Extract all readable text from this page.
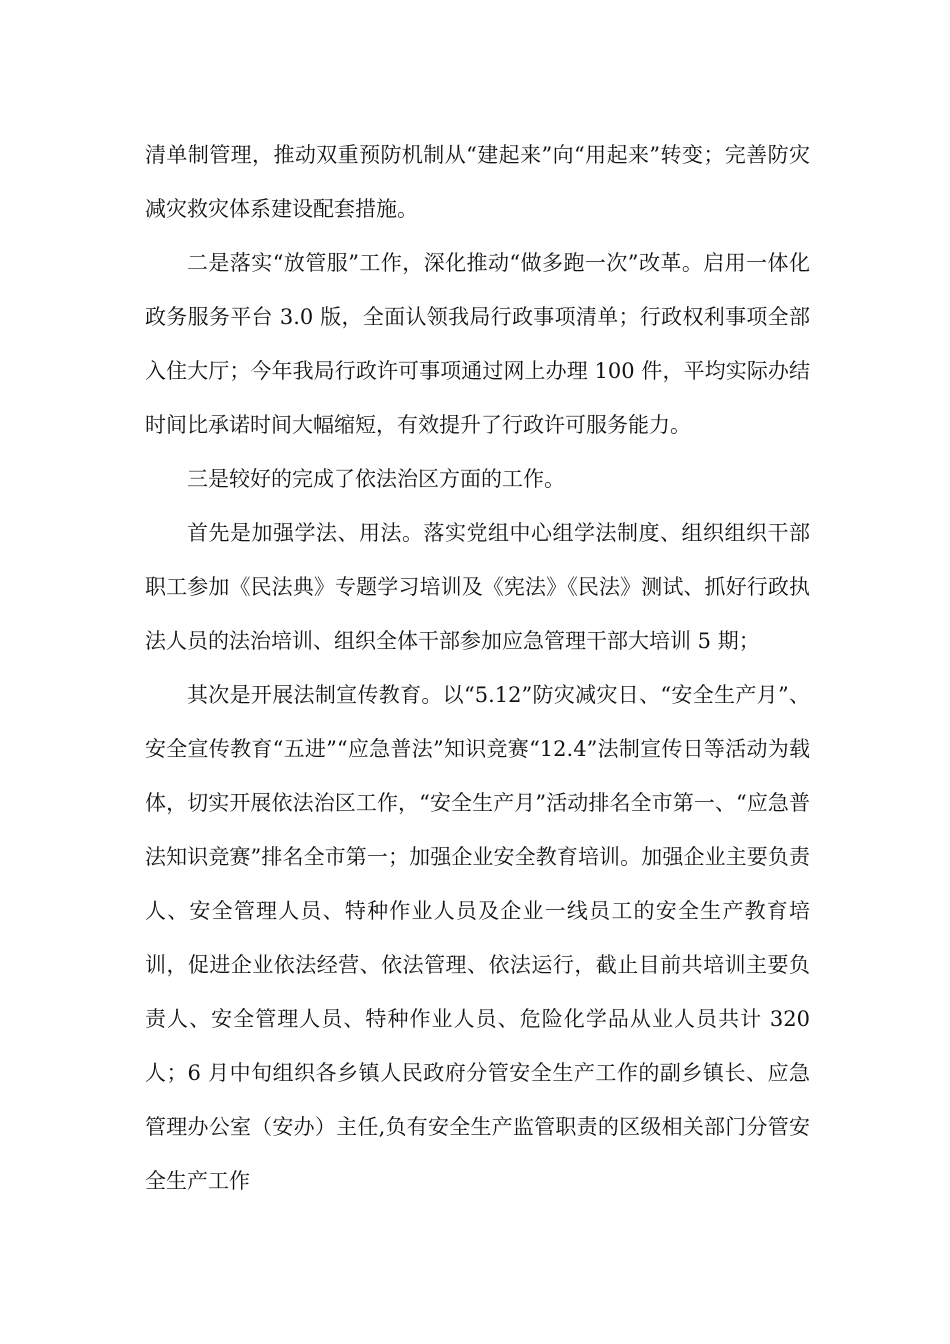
清单制管理，推动双重预防机制从“建起来”向“用起来”转变；完善防灾减灾救灾体系建设配套措施。

二是落实“放管服”工作，深化推动“做多跑一次”改革。启用一体化政务服务平台 3.0 版，全面认领我局行政事项清单；行政权利事项全部入住大厅；今年我局行政许可事项通过网上办理 100 件，平均实际办结时间比承诺时间大幅缩短，有效提升了行政许可服务能力。

三是较好的完成了依法治区方面的工作。

首先是加强学法、用法。落实党组中心组学法制度、组织组织干部职工参加《民法典》专题学习培训及《宪法》《民法》测试、抓好行政执法人员的法治培训、组织全体干部参加应急管理干部大培训 5 期；

其次是开展法制宣传教育。以“5.12”防灾减灾日、“安全生产月”、安全宣传教育“五进”“应急普法”知识竞赛“12.4”法制宣传日等活动为载体，切实开展依法治区工作，“安全生产月”活动排名全市第一、“应急普法知识竞赛”排名全市第一；加强企业安全教育培训。加强企业主要负责人、安全管理人员、特种作业人员及企业一线员工的安全生产教育培训，促进企业依法经营、依法管理、依法运行，截止目前共培训主要负责人、安全管理人员、特种作业人员、危险化学品从业人员共计 320 人；6 月中旬组织各乡镇人民政府分管安全生产工作的副乡镇长、应急管理办公室（安办）主任,负有安全生产监管职责的区级相关部门分管安全生产工作
